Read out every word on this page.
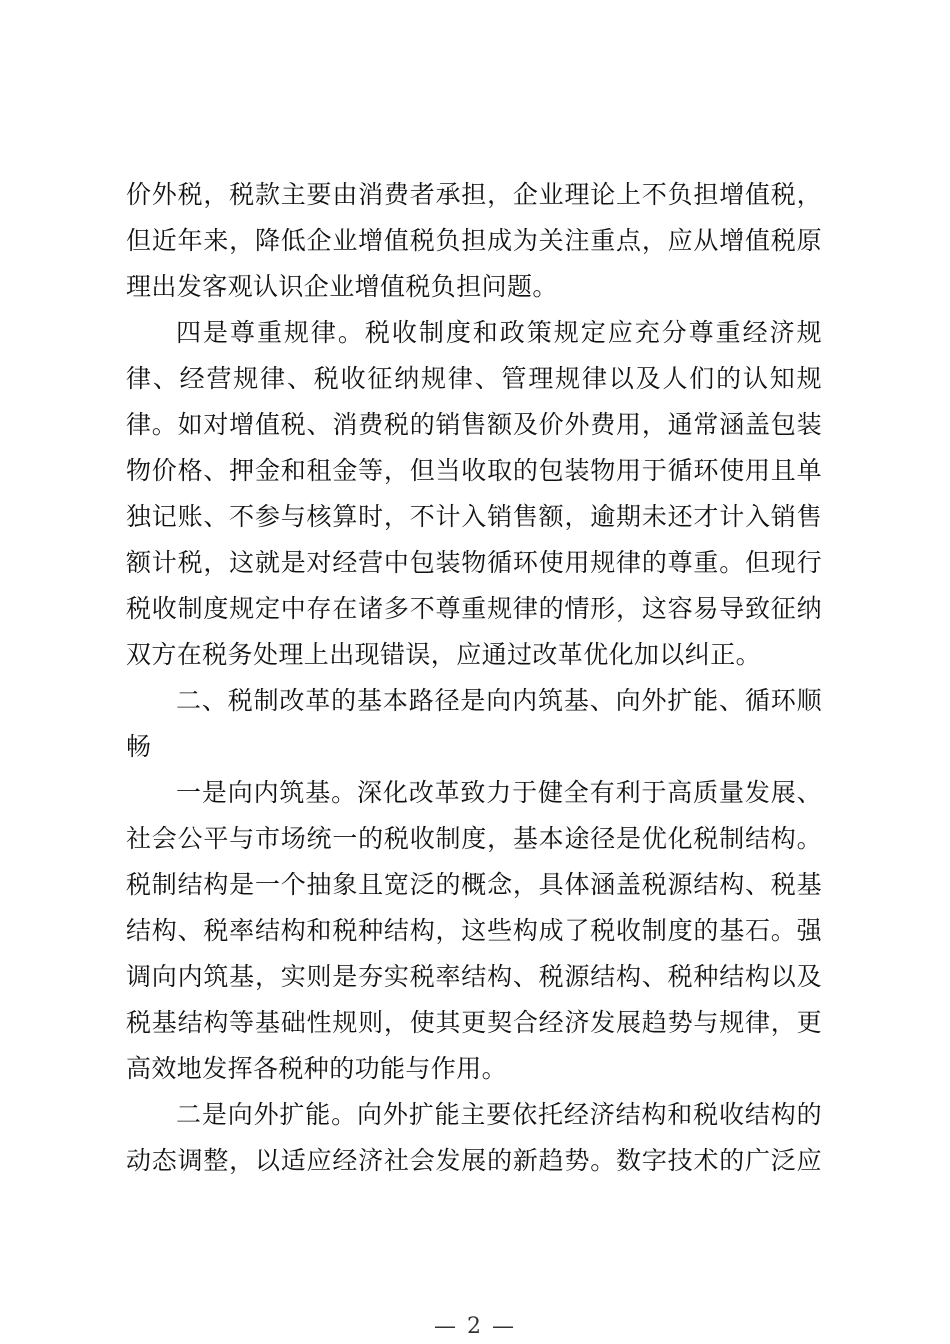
价外税，税款主要由消费者承担，企业理论上不负担增值税，
但近年来，降低企业增值税负担成为关注重点，应从增值税原
理出发客观认识企业增值税负担问题。
四是尊重规律。税收制度和政策规定应充分尊重经济规
律、经营规律、税收征纳规律、管理规律以及人们的认知规
律。如对增值税、消费税的销售额及价外费用，通常涵盖包装
物价格、押金和租金等，但当收取的包装物用于循环使用且单
独记账、不参与核算时，不计入销售额，逾期未还才计入销售
额计税，这就是对经营中包装物循环使用规律的尊重。但现行
税收制度规定中存在诸多不尊重规律的情形，这容易导致征纳
双方在税务处理上出现错误，应通过改革优化加以纠正。
二、税制改革的基本路径是向内筑基、向外扩能、循环顺
畅
一是向内筑基。深化改革致力于健全有利于高质量发展、
社会公平与市场统一的税收制度，基本途径是优化税制结构。
税制结构是一个抽象且宽泛的概念，具体涵盖税源结构、税基
结构、税率结构和税种结构，这些构成了税收制度的基石。强
调向内筑基，实则是夯实税率结构、税源结构、税种结构以及
税基结构等基础性规则，使其更契合经济发展趋势与规律，更
高效地发挥各税种的功能与作用。
二是向外扩能。向外扩能主要依托经济结构和税收结构的
动态调整，以适应经济社会发展的新趋势。数字技术的广泛应
— 2 —
